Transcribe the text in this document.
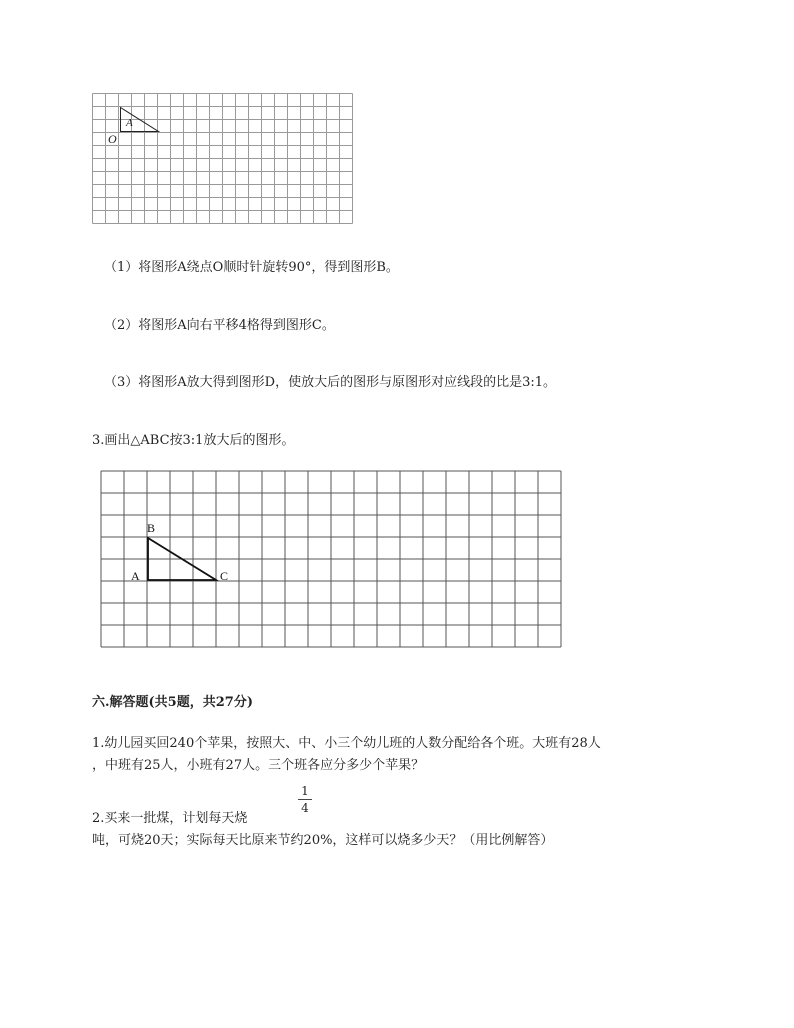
A
O
（1）将图形A绕点O顺时针旋转90°，得到图形B。
（2）将图形A向右平移4格得到图形C。
（3）将图形A放大得到图形D，使放大后的图形与原图形对应线段的比是3:1。
3.画出△ABC按3:1放大后的图形。
B
A	C
六.解答题(共5题，共27分)
1.幼儿园买回240个苹果，按照大、中、小三个幼儿班的人数分配给各个班。大班有28人
，中班有25人，小班有27人。三个班各应分多少个苹果？
1
4
2.买来一批煤，计划每天烧
吨，可烧20天；实际每天比原来节约20%，这样可以烧多少天？（用比例解答）
